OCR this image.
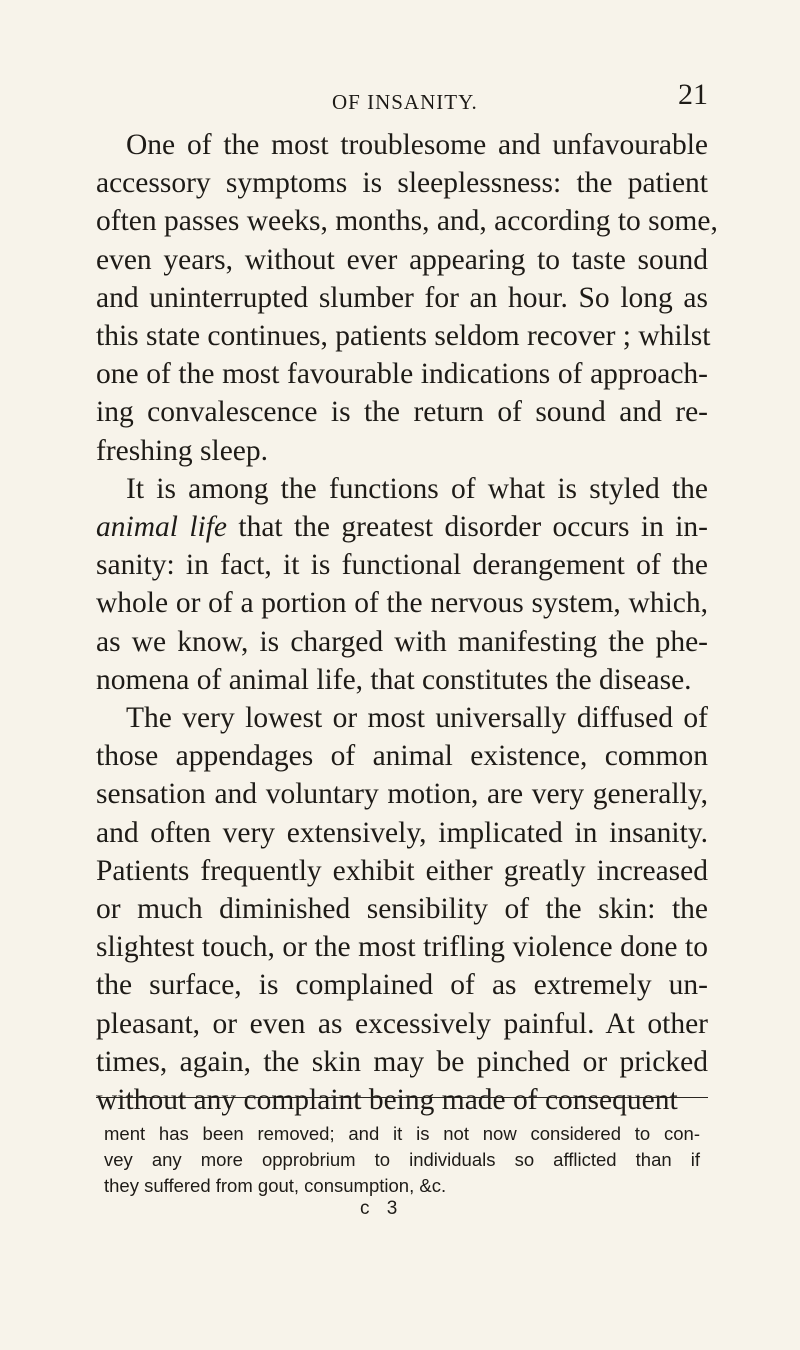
OF INSANITY.	21

One of the most troublesome and unfavourable
accessory symptoms is sleeplessness: the patient
often passes weeks, months, and, according to some,
even years, without ever appearing to taste sound
and uninterrupted slumber for an hour. So long as
this state continues, patients seldom recover ; whilst
one of the most favourable indications of approach-
ing convalescence is the return of sound and re-
freshing sleep.

It is among the functions of what is styled the
animal life that the greatest disorder occurs in in-
sanity: in fact, it is functional derangement of the
whole or of a portion of the nervous system, which,
as we know, is charged with manifesting the phe-
nomena of animal life, that constitutes the disease.

The very lowest or most universally diffused of
those appendages of animal existence, common
sensation and voluntary motion, are very generally,
and often very extensively, implicated in insanity.
Patients frequently exhibit either greatly increased
or much diminished sensibility of the skin: the
slightest touch, or the most trifling violence done to
the surface, is complained of as extremely un-
pleasant, or even as excessively painful. At other
times, again, the skin may be pinched or pricked
without any complaint being made of consequent

ment has been removed; and it is not now considered to con-
vey any more opprobrium to individuals so afflicted than if
they suffered from gout, consumption, &c.
c 3
